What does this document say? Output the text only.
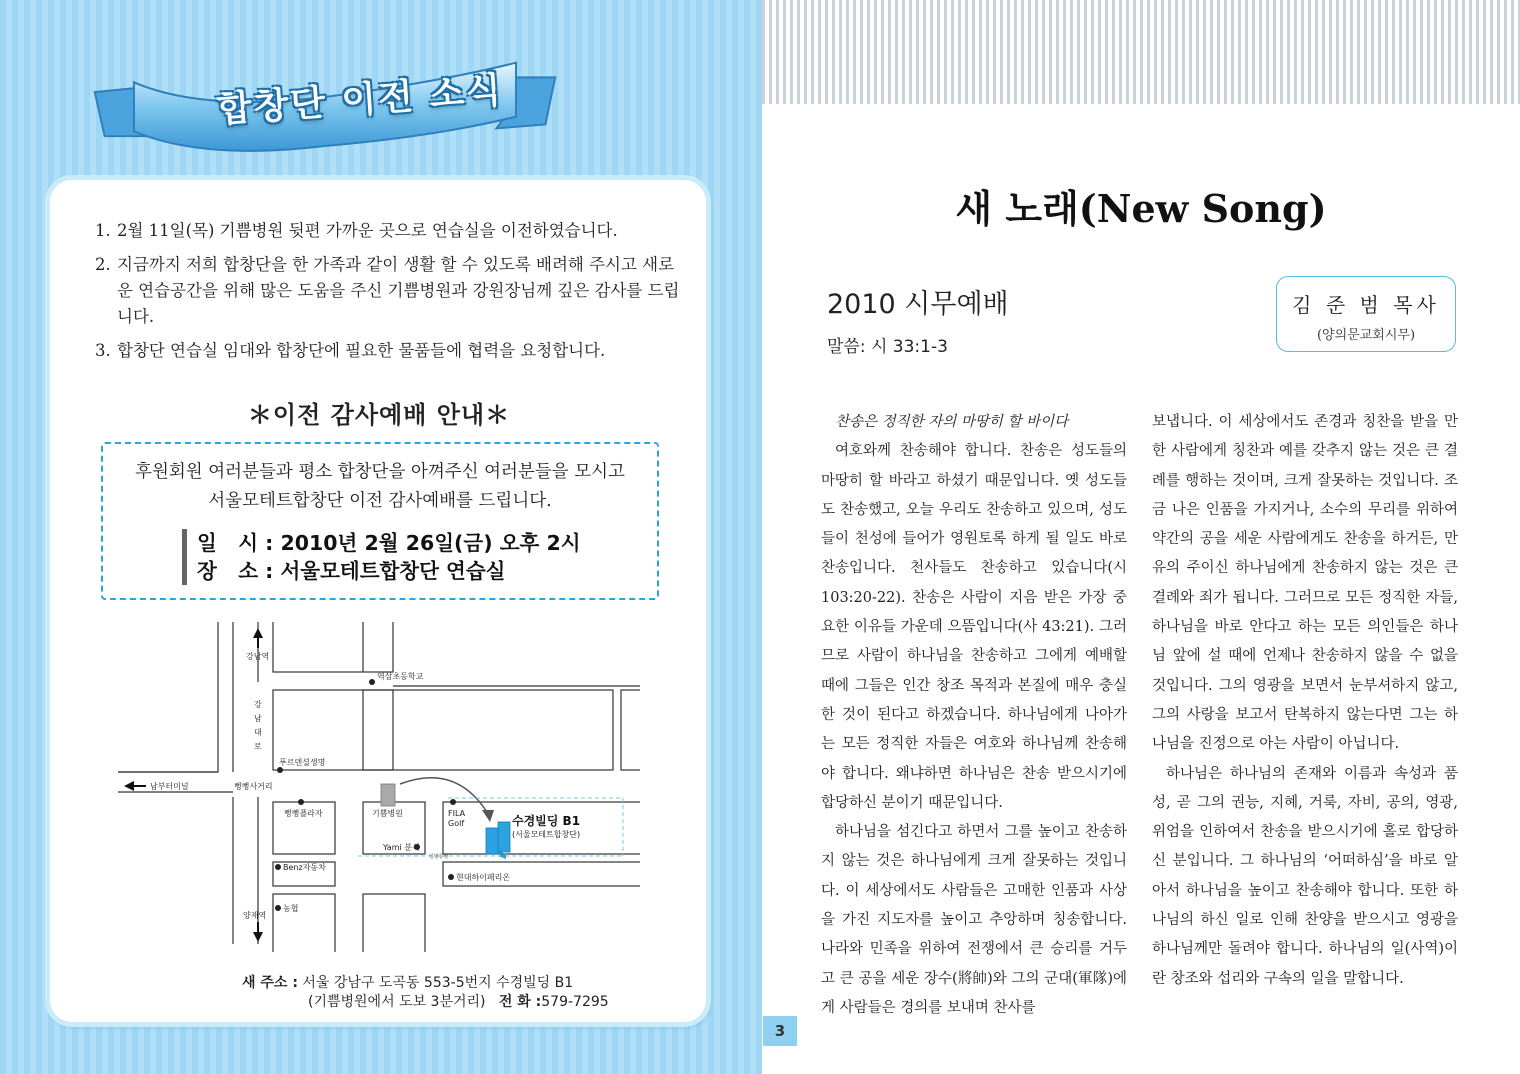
합창단 이전 소식
1. 2월 11일(목) 기쁨병원 뒷편 가까운 곳으로 연습실을 이전하였습니다.
2. 지금까지 저희 합창단을 한 가족과 같이 생활 할 수 있도록 배려해 주시고 새로운 연습공간을 위해 많은 도움을 주신 기쁨병원과 강원장님께 깊은 감사를 드립니다.
3. 합창단 연습실 임대와 합창단에 필요한 물품들에 협력을 요청합니다.
＊이전 감사예배 안내＊
후원회원 여러분들과 평소 합창단을 아껴주신 여러분들을 모시고
서울모테트합창단 이전 감사예배를 드립니다.
일   시 : 2010년 2월 26일(금) 오후 2시
장   소 : 서울모테트합창단 연습실
강남역
강
남
대
로
역삼초등학교
푸르덴셜생명
남부터미널	뻥뻥사거리
뻥뻥플라자	기쁨병원	FILA
Golf
Yami 분식
Benz자동차
현대하이페리온
양재역
농협
일방통행
수경빌딩 B1
(서울모테트합창단)
새 주소 : 서울 강남구 도곡동 553-5번지 수경빌딩 B1
(기쁨병원에서 도보 3분거리) 전 화 :579-7295
3
새 노래(New Song)
2010 시무예배
말씀: 시 33:1-3
김 준 범 목사
(양의문교회시무)

찬송은 정직한 자의 마땅히 할 바이다

여호와께 찬송해야 합니다. 찬송은 성도들의 마땅히 할 바라고 하셨기 때문입니다. 옛 성도들도 찬송했고, 오늘 우리도 찬송하고 있으며, 성도들이 천성에 들어가 영원토록 하게 될 일도 바로 찬송입니다. 천사들도 찬송하고 있습니다(시 103:20-22). 찬송은 사람이 지음 받은 가장 중요한 이유들 가운데 으뜸입니다(사 43:21). 그러므로 사람이 하나님을 찬송하고 그에게 예배할 때에 그들은 인간 창조 목적과 본질에 매우 충실한 것이 된다고 하겠습니다. 하나님에게 나아가는 모든 정직한 자들은 여호와 하나님께 찬송해야 합니다. 왜냐하면 하나님은 찬송 받으시기에 합당하신 분이기 때문입니다.

하나님을 섬긴다고 하면서 그를 높이고 찬송하지 않는 것은 하나님에게 크게 잘못하는 것입니다. 이 세상에서도 사람들은 고매한 인품과 사상을 가진 지도자를 높이고 추앙하며 칭송합니다. 나라와 민족을 위하여 전쟁에서 큰 승리를 거두고 큰 공을 세운 장수(將帥)와 그의 군대(軍隊)에게 사람들은 경의를 보내며 찬사를

보냅니다. 이 세상에서도 존경과 칭찬을 받을 만한 사람에게 칭찬과 예를 갖추지 않는 것은 큰 결례를 행하는 것이며, 크게 잘못하는 것입니다. 조금 나은 인품을 가지거나, 소수의 무리를 위하여 약간의 공을 세운 사람에게도 찬송을 하거든, 만유의 주이신 하나님에게 찬송하지 않는 것은 큰 결례와 죄가 됩니다. 그러므로 모든 정직한 자들, 하나님을 바로 안다고 하는 모든 의인들은 하나님 앞에 설 때에 언제나 찬송하지 않을 수 없을 것입니다. 그의 영광을 보면서 눈부셔하지 않고, 그의 사랑을 보고서 탄복하지 않는다면 그는 하나님을 진정으로 아는 사람이 아닙니다.

하나님은 하나님의 존재와 이름과 속성과 품성, 곧 그의 권능, 지혜, 거룩, 자비, 공의, 영광, 위엄을 인하여서 찬송을 받으시기에 홀로 합당하신 분입니다. 그 하나님의 ‘어떠하심’을 바로 알아서 하나님을 높이고 찬송해야 합니다. 또한 하나님의 하신 일로 인해 찬양을 받으시고 영광을 하나님께만 돌려야 합니다. 하나님의 일(사역)이란 창조와 섭리와 구속의 일을 말합니다.
